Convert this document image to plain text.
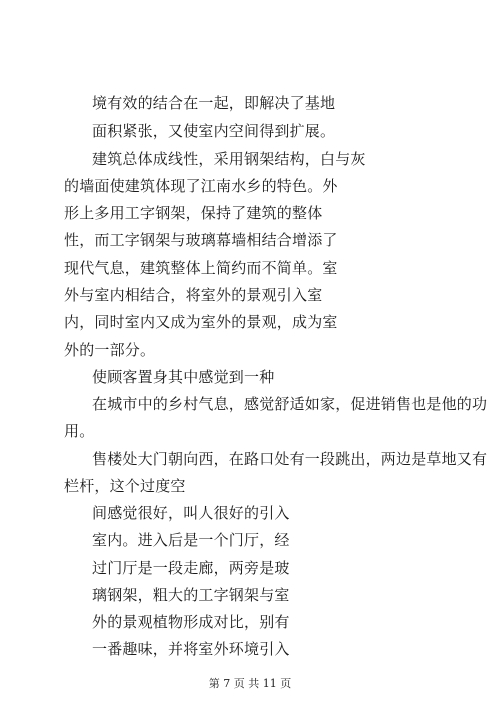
境有效的结合在一起，即解决了基地
面积紧张，又使室内空间得到扩展。
建筑总体成线性，采用钢架结构，白与灰
的墙面使建筑体现了江南水乡的特色。外
形上多用工字钢架，保持了建筑的整体
性，而工字钢架与玻璃幕墙相结合增添了
现代气息，建筑整体上简约而不简单。室
外与室内相结合，将室外的景观引入室
内，同时室内又成为室外的景观，成为室
外的一部分。
使顾客置身其中感觉到一种
在城市中的乡村气息，感觉舒适如家，促进销售也是他的功
用。
售楼处大门朝向西，在路口处有一段跳出，两边是草地又有
栏杆，这个过度空
间感觉很好，叫人很好的引入
室内。进入后是一个门厅，经
过门厅是一段走廊，两旁是玻
璃钢架，粗大的工字钢架与室
外的景观植物形成对比，别有
一番趣味，并将室外环境引入
第 7 页 共 11 页
